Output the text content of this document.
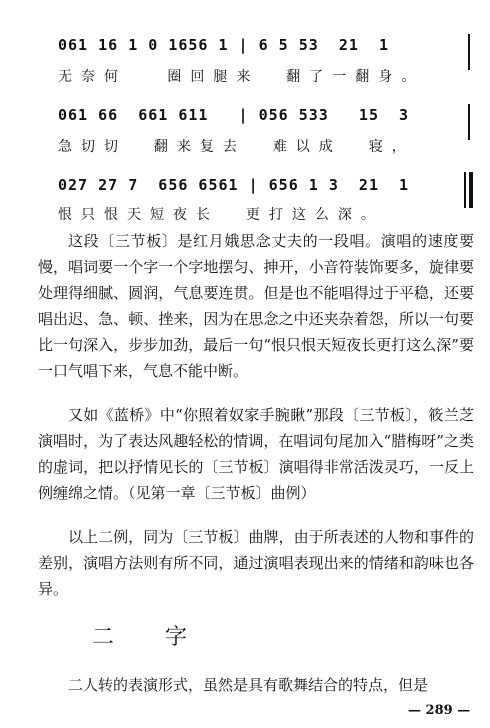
061 16 1 0 1656 1 | 6 5 53  21  1
无奈何   圈回腿来  翻了一翻身。
061 66  661 611   | 056 533   15  3
急切切  翻来复去  难以成  寝，
027 27 7  656 6561 | 656 1 3  21  1
恨只恨天短夜长  更打这么深。
这段〔三节板〕是红月娥思念丈夫的一段唱。演唱的速度要慢，唱词要一个字一个字地摆匀、抻开，小音符装饰要多，旋律要处理得细腻、圆润，气息要连贯。但是也不能唱得过于平稳，还要唱出迟、急、顿、挫来，因为在思念之中还夹杂着怨，所以一句要比一句深入，步步加劲，最后一句“恨只恨天短夜长更打这么深”要一口气唱下来，气息不能中断。
又如《蓝桥》中“你照着奴家手腕瞅”那段〔三节板〕，筱兰芝演唱时，为了表达风趣轻松的情调，在唱词句尾加入“腊梅呀”之类的虚词，把以抒情见长的〔三节板〕演唱得非常活泼灵巧，一反上例缠绵之情。（见第一章〔三节板〕曲例）
以上二例，同为〔三节板〕曲牌，由于所表述的人物和事件的差别，演唱方法则有所不同，通过演唱表现出来的情绪和韵味也各异。
二 字
二人转的表演形式，虽然是具有歌舞结合的特点，但是
— 289 —
